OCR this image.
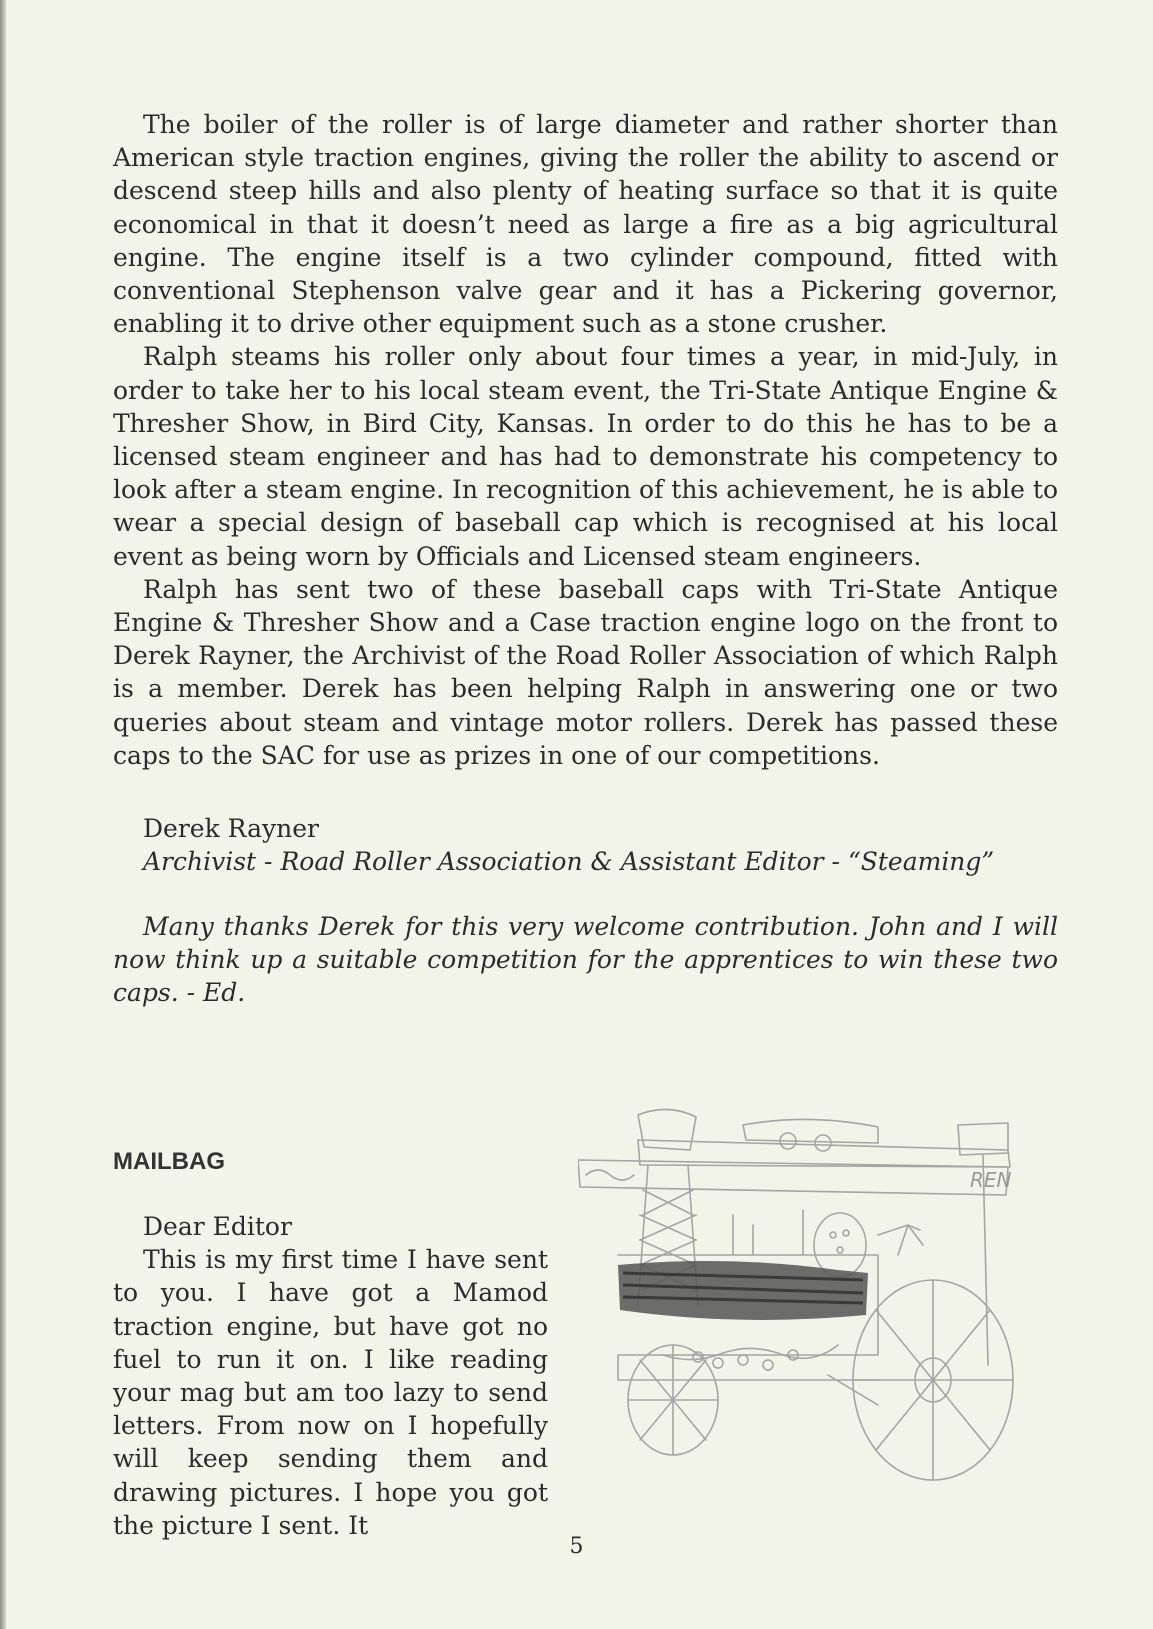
The boiler of the roller is of large diameter and rather shorter than American style traction engines, giving the roller the ability to ascend or descend steep hills and also plenty of heating surface so that it is quite economical in that it doesn’t need as large a fire as a big agricultural engine. The engine itself is a two cylinder compound, fitted with conventional Stephenson valve gear and it has a Pickering governor, enabling it to drive other equipment such as a stone crusher.

Ralph steams his roller only about four times a year, in mid-July, in order to take her to his local steam event, the Tri-State Antique Engine & Thresher Show, in Bird City, Kansas. In order to do this he has to be a licensed steam engineer and has had to demonstrate his competency to look after a steam engine. In recognition of this achievement, he is able to wear a special design of baseball cap which is recognised at his local event as being worn by Officials and Licensed steam engineers.

Ralph has sent two of these baseball caps with Tri-State Antique Engine & Thresher Show and a Case traction engine logo on the front to Derek Rayner, the Archivist of the Road Roller Association of which Ralph is a member. Derek has been helping Ralph in answering one or two queries about steam and vintage motor rollers. Derek has passed these caps to the SAC for use as prizes in one of our competitions.

Derek Rayner

Archivist - Road Roller Association & Assistant Editor - “Steaming”

Many thanks Derek for this very welcome contribution. John and I will now think up a suitable competition for the apprentices to win these two caps. - Ed.

MAILBAG

Dear Editor

This is my first time I have sent to you. I have got a Mamod traction engine, but have got no fuel to run it on. I like reading your mag but am too lazy to send letters. From now on I hopefully will keep sending them and drawing pictures. I hope you got the picture I sent. It

REN

5
